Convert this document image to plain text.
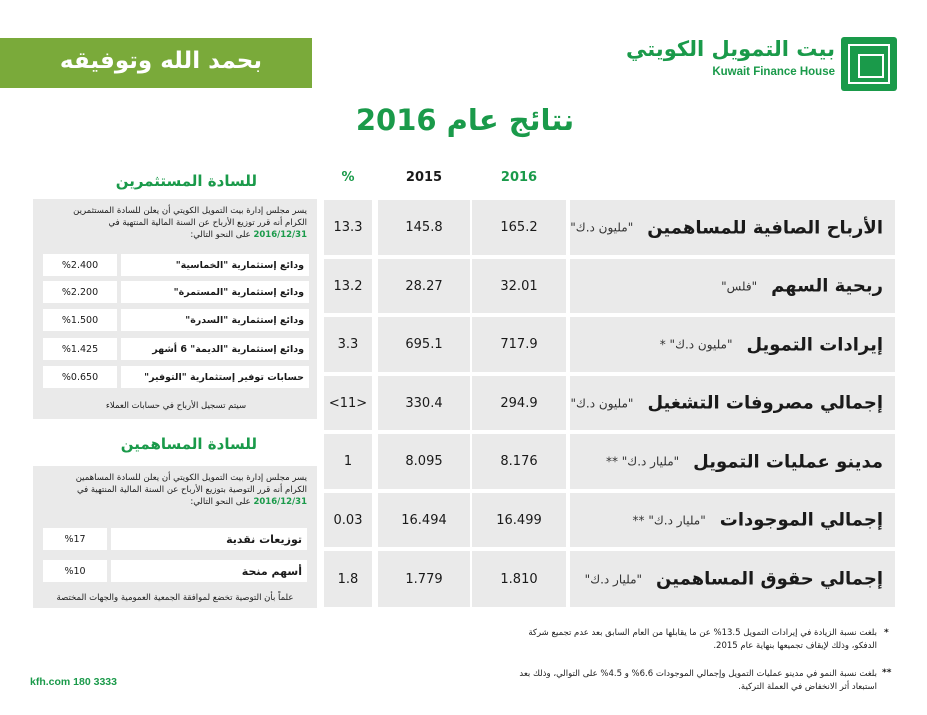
بحمد الله وتوفيقه	بيت التمويل الكويتي
Kuwait Finance House
نتائج عام 2016
2016
2015
%
الأرباح الصافية للمساهمين
"مليون د.ك"
165.2
145.8
13.3
ربحية السهم
"فلس"
32.01
28.27
13.2
إيرادات التمويل
"مليون د.ك" *
717.9
695.1
3.3
إجمالي مصروفات التشغيل
"مليون د.ك"
294.9
330.4
<11>
مدينو عمليات التمويل
"مليار د.ك" **
8.176
8.095
1
إجمالي الموجودات
"مليار د.ك" **
16.499
16.494
0.03
إجمالي حقوق المساهمين
"مليار د.ك"
1.810
1.779
1.8
للسادة المستثمرين
يسر مجلس إدارة بيت التمويل الكويتي أن يعلن للسادة المستثمرين
الكرام أنه قرر توزيع الأرباح عن السنة المالية المنتهية في
2016/12/31 على النحو التالي:
ودائع إستثمارية "الخماسية"
%2.400
ودائع إستثمارية "المستمرة"
%2.200
ودائع إستثمارية "السدرة"
%1.500
ودائع إستثمارية "الديمة" 6 أشهر
%1.425
حسابات توفير إستثمارية "التوفير"
%0.650
سيتم تسجيل الأرباح في حسابات العملاء
للسادة المساهمين
يسر مجلس إدارة بيت التمويل الكويتي أن يعلن للسادة المساهمين
الكرام أنه قرر التوصية بتوزيع الأرباح عن السنة المالية المنتهية في
2016/12/31 على النحو التالي:
توزيعات نقدية
%17
أسهم منحة
%10
علماً بأن التوصية تخضع لموافقة الجمعية العمومية والجهات المختصة
*
بلغت نسبة الزيادة في إيرادات التمويل 13.5% عن ما يقابلها من العام السابق بعد عدم تجميع شركة
الدفكو، وذلك لإيقاف تجميعها بنهاية عام 2015.
**
بلغت نسبة النمو في مدينو عمليات التمويل وإجمالي الموجودات 6.6% و 4.5% على التوالي، وذلك بعد
استبعاد أثر الانخفاض في العملة التركية.
kfh.com 180 3333
